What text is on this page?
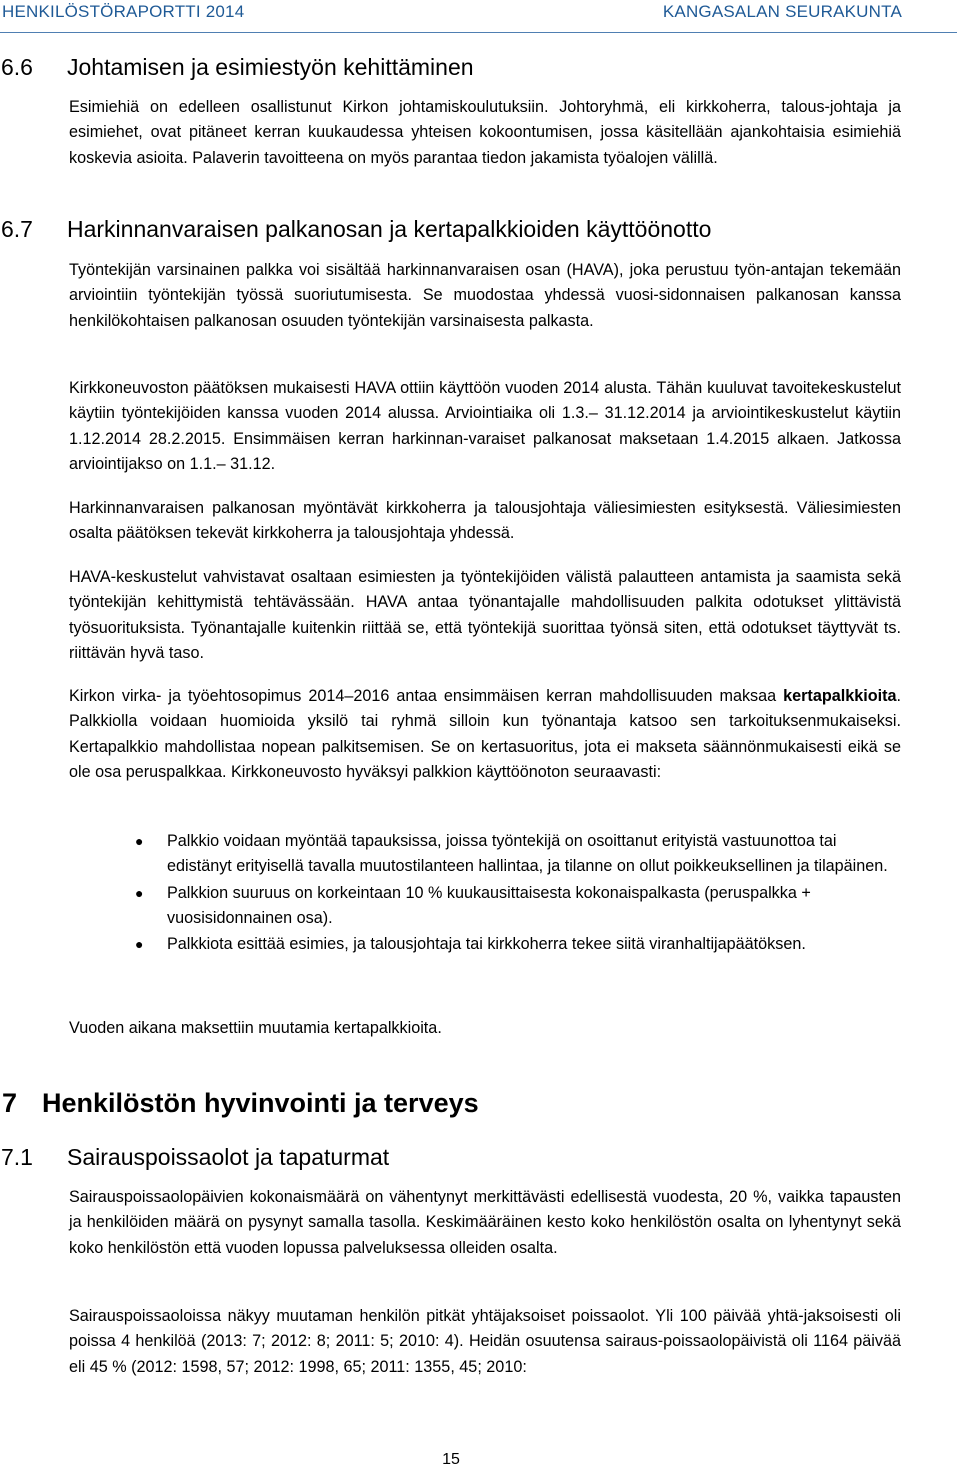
HENKILÖSTÖRAPORTTI 2014	KANGASALAN SEURAKUNTA
6.6 Johtamisen ja esimiestyön kehittäminen

Esimiehiä on edelleen osallistunut Kirkon johtamiskoulutuksiin. Johtoryhmä, eli kirkkoherra, talous-johtaja ja esimiehet, ovat pitäneet kerran kuukaudessa yhteisen kokoontumisen, jossa käsitellään ajankohtaisia esimiehiä koskevia asioita. Palaverin tavoitteena on myös parantaa tiedon jakamista työalojen välillä.

6.7 Harkinnanvaraisen palkanosan ja kertapalkkioiden käyttöönotto

Työntekijän varsinainen palkka voi sisältää harkinnanvaraisen osan (HAVA), joka perustuu työn-antajan tekemään arviointiin työntekijän työssä suoriutumisesta. Se muodostaa yhdessä vuosi-sidonnaisen palkanosan kanssa henkilökohtaisen palkanosan osuuden työntekijän varsinaisesta palkasta.

Kirkkoneuvoston päätöksen mukaisesti HAVA ottiin käyttöön vuoden 2014 alusta. Tähän kuuluvat tavoitekeskustelut käytiin työntekijöiden kanssa vuoden 2014 alussa. Arviointiaika oli 1.3.– 31.12.2014 ja arviointikeskustelut käytiin 1.12.2014 28.2.2015. Ensimmäisen kerran harkinnan-varaiset palkanosat maksetaan 1.4.2015 alkaen. Jatkossa arviointijakso on 1.1.– 31.12.

Harkinnanvaraisen palkanosan myöntävät kirkkoherra ja talousjohtaja väliesimiesten esityksestä. Väliesimiesten osalta päätöksen tekevät kirkkoherra ja talousjohtaja yhdessä.

HAVA-keskustelut vahvistavat osaltaan esimiesten ja työntekijöiden välistä palautteen antamista ja saamista sekä työntekijän kehittymistä tehtävässään. HAVA antaa työnantajalle mahdollisuuden palkita odotukset ylittävistä työsuorituksista. Työnantajalle kuitenkin riittää se, että työntekijä suorittaa työnsä siten, että odotukset täyttyvät ts. riittävän hyvä taso.

Kirkon virka- ja työehtosopimus 2014–2016 antaa ensimmäisen kerran mahdollisuuden maksaa kertapalkkioita. Palkkiolla voidaan huomioida yksilö tai ryhmä silloin kun työnantaja katsoo sen tarkoituksenmukaiseksi. Kertapalkkio mahdollistaa nopean palkitsemisen. Se on kertasuoritus, jota ei makseta säännönmukaisesti eikä se ole osa peruspalkkaa. Kirkkoneuvosto hyväksyi palkkion käyttöönoton seuraavasti:

● Palkkio voidaan myöntää tapauksissa, joissa työntekijä on osoittanut erityistä vastuunottoa tai edistänyt erityisellä tavalla muutostilanteen hallintaa, ja tilanne on ollut poikkeuksellinen ja tilapäinen.
● Palkkion suuruus on korkeintaan 10 % kuukausittaisesta kokonaispalkasta (peruspalkka + vuosisidonnainen osa).
● Palkkiota esittää esimies, ja talousjohtaja tai kirkkoherra tekee siitä viranhaltijapäätöksen.

Vuoden aikana maksettiin muutamia kertapalkkioita.

7 Henkilöstön hyvinvointi ja terveys
7.1 Sairauspoissaolot ja tapaturmat

Sairauspoissaolopäivien kokonaismäärä on vähentynyt merkittävästi edellisestä vuodesta, 20 %, vaikka tapausten ja henkilöiden määrä on pysynyt samalla tasolla. Keskimääräinen kesto koko henkilöstön osalta on lyhentynyt sekä koko henkilöstön että vuoden lopussa palveluksessa olleiden osalta.

Sairauspoissaoloissa näkyy muutaman henkilön pitkät yhtäjaksoiset poissaolot. Yli 100 päivää yhtä-jaksoisesti oli poissa 4 henkilöä (2013: 7; 2012: 8; 2011: 5; 2010: 4). Heidän osuutensa sairaus-poissaolopäivistä oli 1164 päivää eli 45 % (2012: 1598, 57; 2012: 1998, 65; 2011: 1355, 45; 2010:

15
